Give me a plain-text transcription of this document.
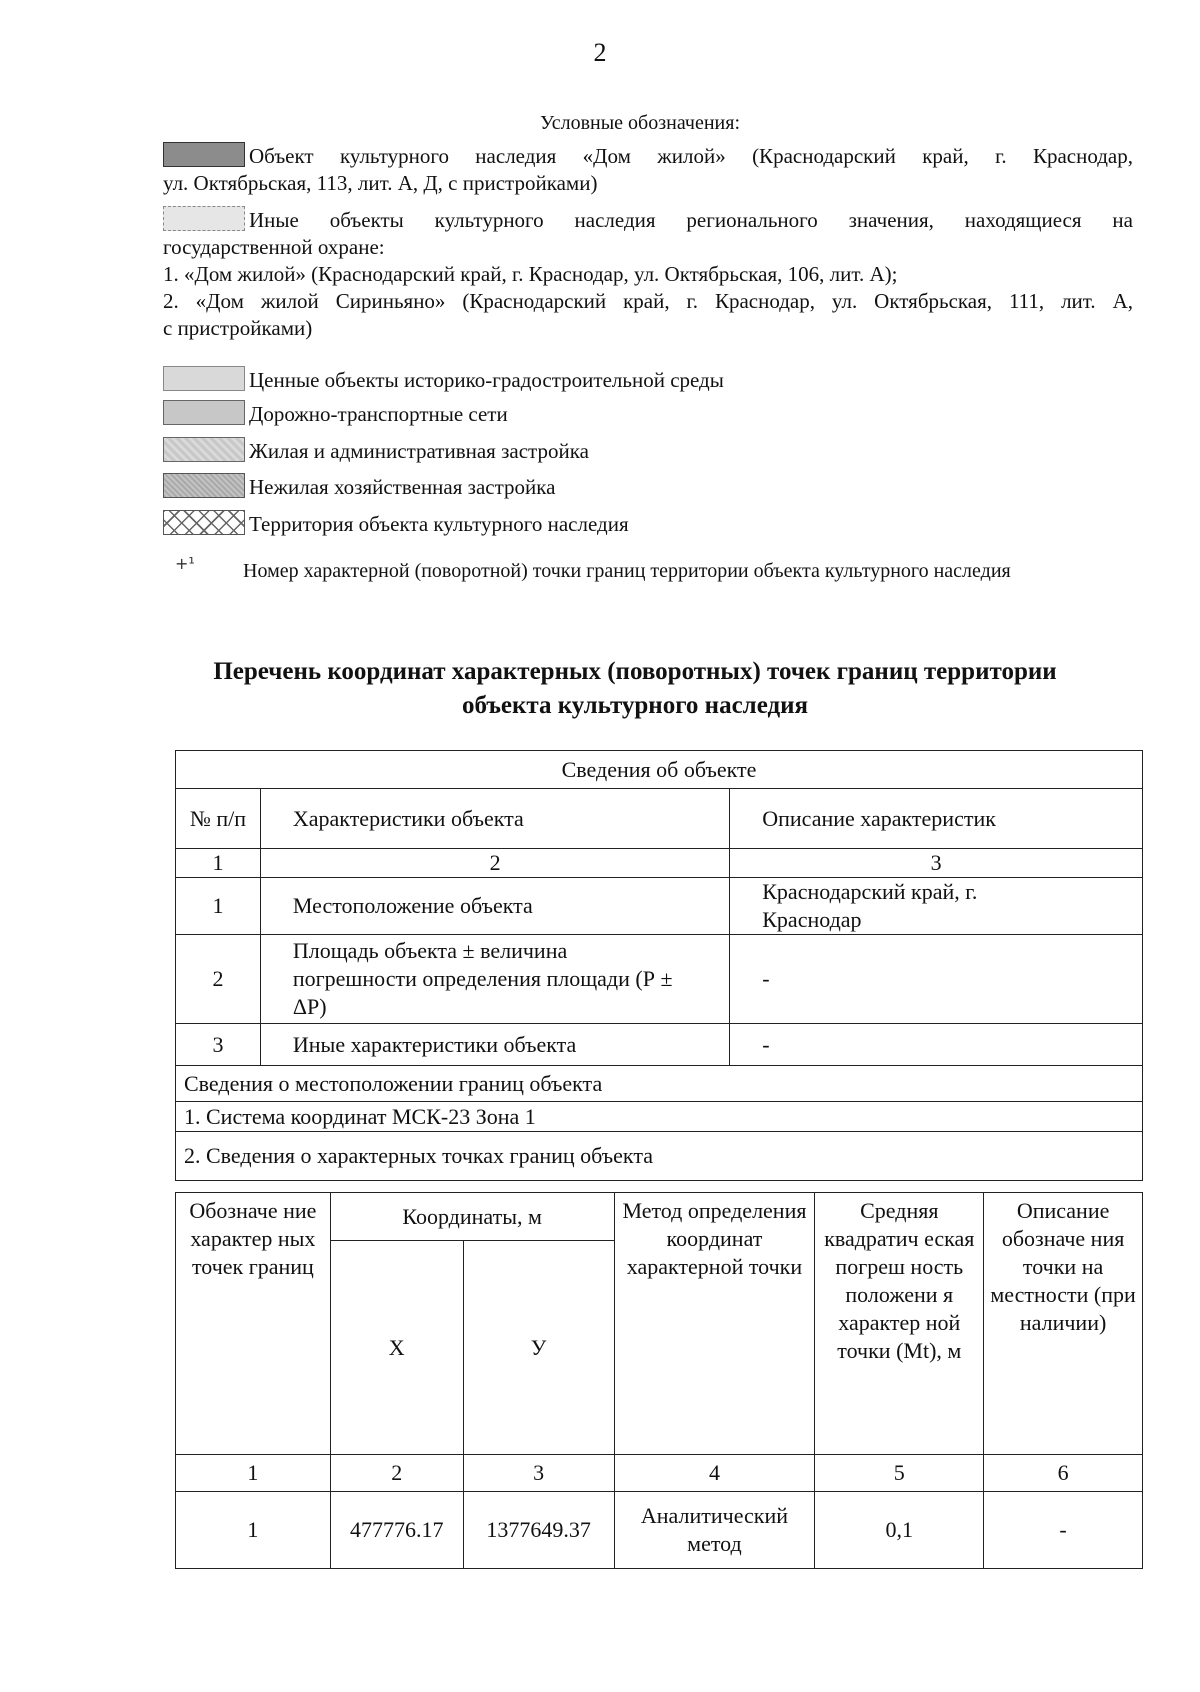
2
Условные обозначения:

Объект культурного наследия «Дом жилой» (Краснодарский край, г. Краснодар,

ул. Октябрьская, 113, лит. А, Д, с пристройками)

Иные объекты культурного наследия регионального значения, находящиеся на

государственной охране:

1. «Дом жилой» (Краснодарский край, г. Краснодар, ул. Октябрьская, 106, лит. А);

2. «Дом жилой Сириньяно» (Краснодарский край, г. Краснодар, ул. Октябрьская, 111, лит. А,

с пристройками)

Ценные объекты историко-градостроительной среды

Дорожно-транспортные сети

Жилая и административная застройка

Нежилая хозяйственная застройка

Территория объекта культурного наследия

+¹ Номер характерной (поворотной) точки границ территории объекта культурного наследия
Перечень координат характерных (поворотных) точек границ территории
объекта культурного наследия
Сведения об объекте		
№ п/п	Характеристики объекта	Описание характеристик
1	2	3
1	Местоположение объекта	Краснодарский край, г. Краснодар
2	Площадь объекта ± величина погрешности определения площади (Р ± ΔР)	-
3	Иные характеристики объекта	-
Сведения о местоположении границ объекта		
1. Система координат МСК-23 Зона 1		
2. Сведения о характерных точках границ объекта		
Обозначе ние характер ных точек границ	Координаты, м		Метод определения координат характерной точки	Средняя квадратич еская погреш ность положени я характер ной точки (Mt), м	Описание обозначе ния точки на местности (при наличии)
	X	У			
1	2	3	4	5	6
1	477776.17	1377649.37	Аналитический метод	0,1	-
